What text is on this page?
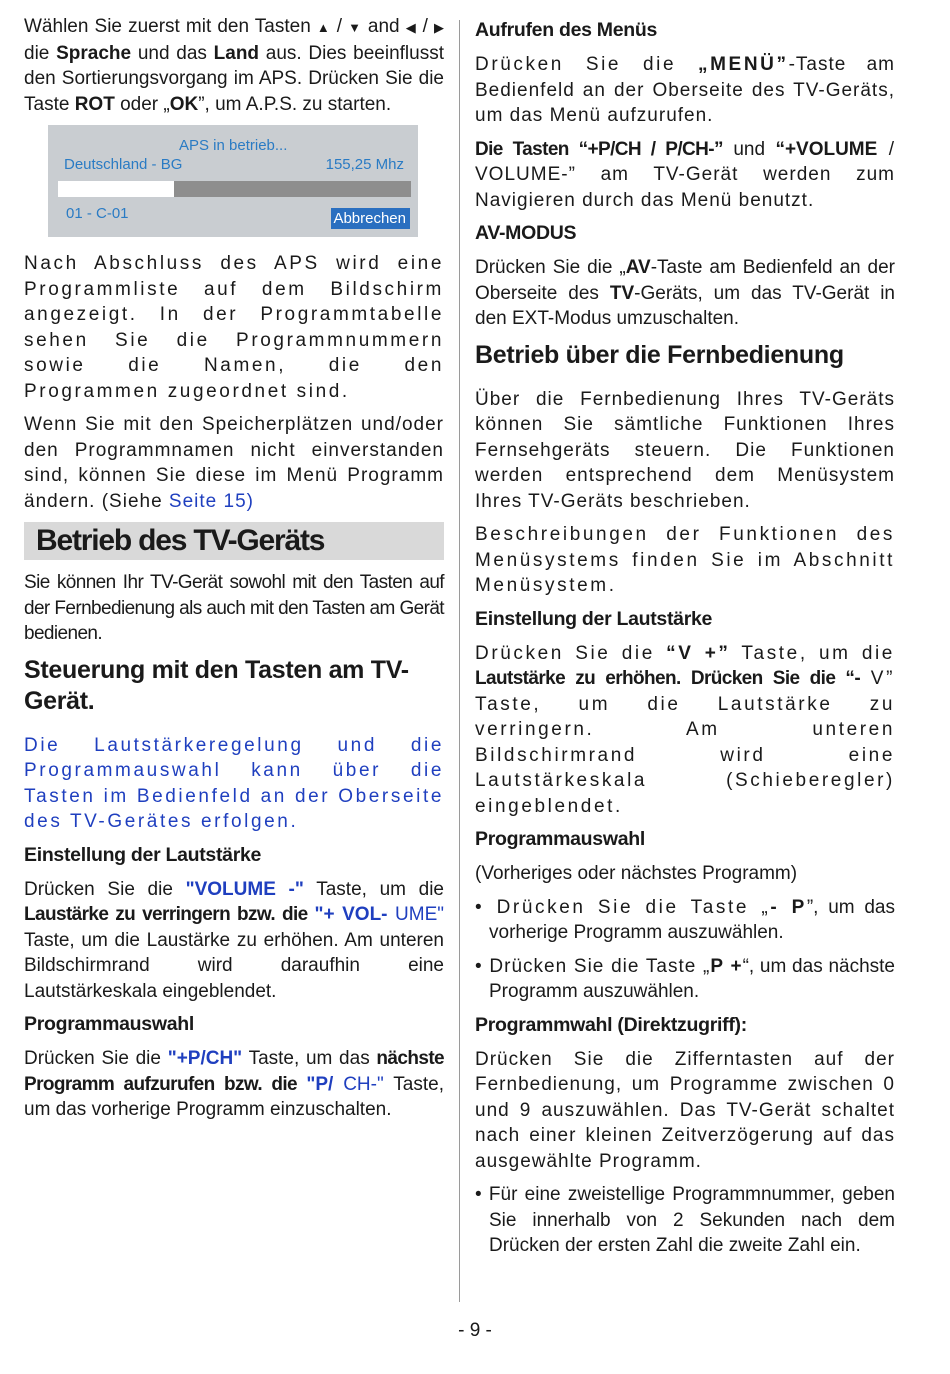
Wählen Sie zuerst mit den Tasten ▲ / ▼ and ◀ / ▶ die Sprache und das Land aus. Dies beeinflusst den Sortierungsvorgang im APS. Drücken Sie die Taste ROT oder „OK”, um A.P.S. zu starten.

APS in betrieb...
Deutschland - BG	155,25 Mhz
01 - C-01	Abbrechen

Nach Abschluss des APS wird eine Programmliste auf dem Bildschirm angezeigt. In der Programmtabelle sehen Sie die Programmnummern sowie die Namen, die den Programmen zugeordnet sind.

Wenn Sie mit den Speicherplätzen und/oder den Programmnamen nicht einverstanden sind, können Sie diese im Menü Programm ändern. (Siehe Seite 15)

Betrieb des TV-Geräts

Sie können Ihr TV-Gerät sowohl mit den Tasten auf der Fernbedienung als auch mit den Tasten am Gerät bedienen.

Steuerung mit den Tasten am TV-Gerät.

Die Lautstärkeregelung und die Programmauswahl kann über die Tasten im Bedienfeld an der Oberseite des TV-Gerätes erfolgen.

Einstellung der Lautstärke

Drücken Sie die "VOLUME -" Taste, um die Laustärke zu verringern bzw. die "+ VOL- UME" Taste, um die Laustärke zu erhöhen. Am unteren Bildschirmrand wird daraufhin eine Lautstärkeskala eingeblendet.

Programmauswahl

Drücken Sie die "+P/CH" Taste, um das nächste Programm aufzurufen bzw. die "P/ CH-" Taste, um das vorherige Programm einzuschalten.

Aufrufen des Menüs

Drücken Sie die „MENÜ”-Taste am Bedienfeld an der Oberseite des TV-Geräts, um das Menü aufzurufen.

Die Tasten “+P/CH / P/CH-” und “+VOLUME / VOLUME-” am TV-Gerät werden zum Navigieren durch das Menü benutzt.

AV-MODUS

Drücken Sie die „AV-Taste am Bedienfeld an der Oberseite des TV-Geräts, um das TV-Gerät in den EXT-Modus umzuschalten.

Betrieb über die Fernbedienung

Über die Fernbedienung Ihres TV-Geräts können Sie sämtliche Funktionen Ihres Fernsehgeräts steuern. Die Funktionen werden entsprechend dem Menüsystem Ihres TV-Geräts beschrieben.

Beschreibungen der Funktionen des Menüsystems finden Sie im Abschnitt Menüsystem.

Einstellung der Lautstärke

Drücken Sie die “V +” Taste, um die Lautstärke zu erhöhen. Drücken Sie die “- V” Taste, um die Lautstärke zu verringern. Am unteren Bildschirmrand wird eine Lautstärkeskala (Schieberegler) eingeblendet.

Programmauswahl

(Vorheriges oder nächstes Programm)

• Drücken Sie die Taste „- P”, um das vorherige Programm auszuwählen.

• Drücken Sie die Taste „P +“, um das nächste Programm auszuwählen.

Programmwahl (Direktzugriff):

Drücken Sie die Zifferntasten auf der Fernbedienung, um Programme zwischen 0 und 9 auszuwählen. Das TV-Gerät schaltet nach einer kleinen Zeitverzögerung auf das ausgewählte Programm.

• Für eine zweistellige Programmnummer, geben Sie innerhalb von 2 Sekunden nach dem Drücken der ersten Zahl die zweite Zahl ein.

- 9 -
